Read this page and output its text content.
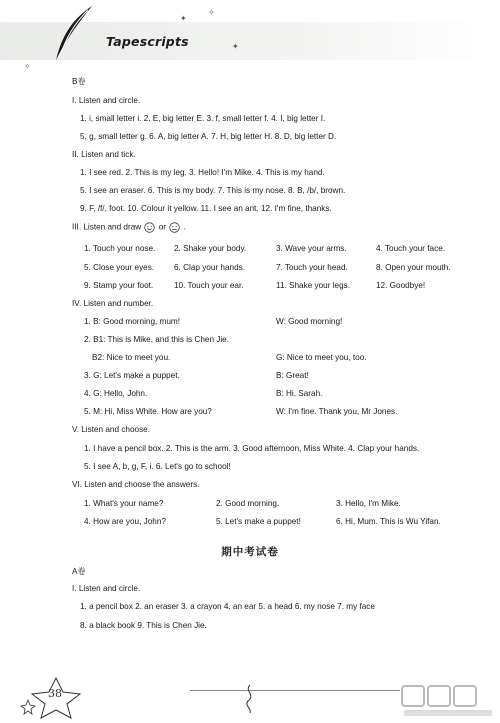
✦
✧
✦
✧
Tapescripts
B卷
I. Listen and circle.
1. i, small letter i. 2. E, big letter E. 3. f, small letter f. 4. I, big letter I.
5. g, small letter g. 6. A, big letter A. 7. H, big letter H. 8. D, big letter D.
II. Listen and tick.
1. I see red. 2. This is my leg. 3. Hello! I'm Mike. 4. This is my hand.
5. I see an eraser. 6. This is my body. 7. This is my nose. 8. B, /b/, brown.
9. F, /f/, foot. 10. Colour it yellow. 11. I see an ant. 12. I'm fine, thanks.
III. Listen and draw or .
1. Touch your nose. 2. Shake your body.	3. Wave your arms.	4. Touch your face.
5. Close your eyes. 6. Clap your hands.	7. Touch your head.	8. Open your mouth.
9. Stamp your foot.	10. Touch your ear.	11. Shake your legs.	12. Goodbye!
IV. Listen and number.
1. B: Good morning, mum!	W: Good morning!
2. B1: This is Mike, and this is Chen Jie.
B2: Nice to meet you.	G: Nice to meet you, too.
3. G: Let's make a puppet.	B: Great!
4. G: Hello, John.	B: Hi, Sarah.
5. M: Hi, Miss White. How are you?	W: I'm fine. Thank you, Mr Jones.
V. Listen and choose.
1. I have a pencil box. 2. This is the arm. 3. Good afternoon, Miss White. 4. Clap your hands.
5. I see A, b, g, F, i. 6. Let's go to school!
VI. Listen and choose the answers.
1. What's your name?	2. Good morning.	3. Hello, I'm Mike.
4. How are you, John?	5. Let's make a puppet!	6. Hi, Mum. This is Wu Yifan.
期中考试卷
A卷
I. Listen and circle.
1. a pencil box 2. an eraser 3. a crayon 4. an ear 5. a head 6. my nose 7. my face
8. a black book 9. This is Chen Jie.
38
